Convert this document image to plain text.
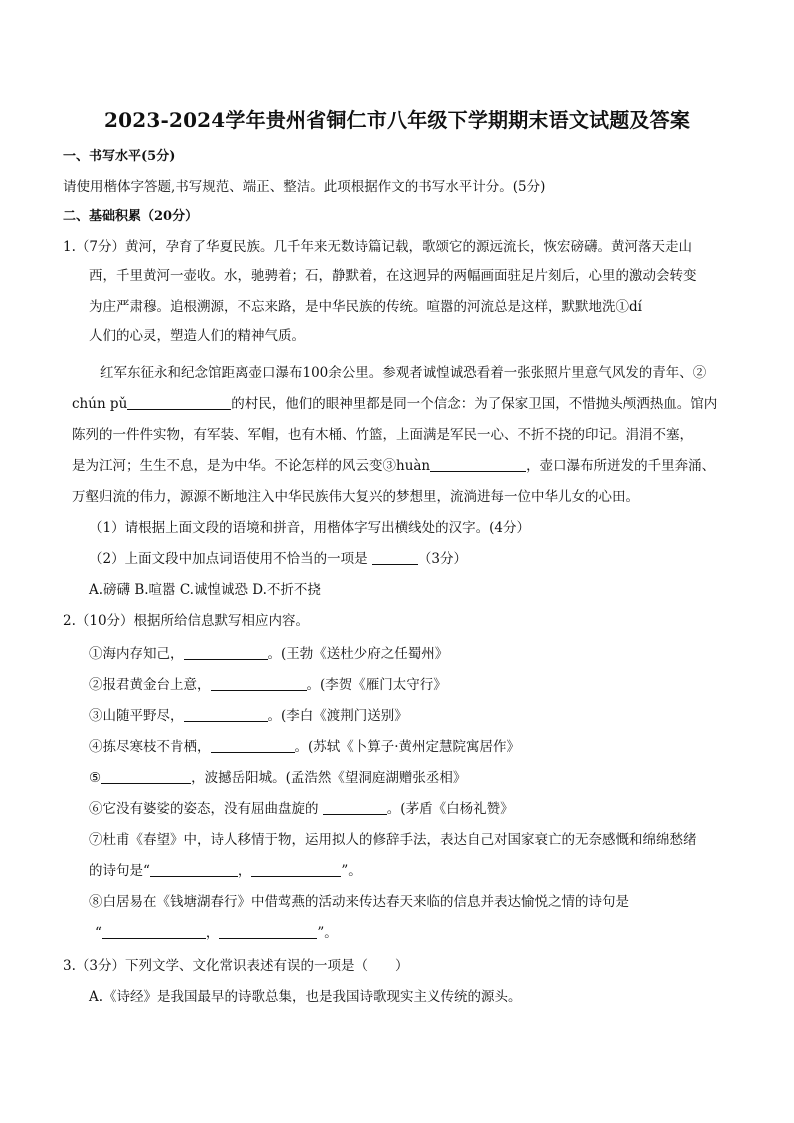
2023-2024学年贵州省铜仁市八年级下学期期末语文试题及答案
一、书写水平(5分)
请使用楷体字答题,书写规范、端正、整洁。此项根据作文的书写水平计分。(5分)
二、基础积累（20分）
1.（7分）黄河，孕育了华夏民族。几千年来无数诗篇记载，歌颂它的源远流长，恢宏磅礴。黄河落天走山
西，千里黄河一壶收。水，驰骋着；石，静默着，在这迥异的两幅画面驻足片刻后，心里的激动会转变
为庄严肃穆。追根溯源，不忘来路，是中华民族的传统。喧嚣的河流总是这样，默默地洗①dí
人们的心灵，塑造人们的精神气质。
红军东征永和纪念馆距离壶口瀑布100余公里。参观者诚惶诚恐看着一张张照片里意气风发的青年、②
chún pǔ	的村民，他们的眼神里都是同一个信念：为了保家卫国，不惜抛头颅洒热血。馆内
陈列的一件件实物，有军装、军帽，也有木桶、竹篮，上面满是军民一心、不折不挠的印记。涓涓不塞，
是为江河；生生不息，是为中华。不论怎样的风云变③huàn	，壶口瀑布所迸发的千里奔涌、
万壑归流的伟力，源源不断地注入中华民族伟大复兴的梦想里，流淌进每一位中华儿女的心田。
（1）请根据上面文段的语境和拼音，用楷体字写出横线处的汉字。(4分）
（2）上面文段中加点词语使用不恰当的一项是	（3分）
A.磅礴 B.喧嚣 C.诚惶诚恐 D.不折不挠
2.（10分）根据所给信息默写相应内容。
①海内存知己，	。(王勃《送杜少府之任蜀州》
②报君黄金台上意，	。(李贺《雁门太守行》
③山随平野尽，	。(李白《渡荆门送别》
④拣尽寒枝不肯栖，	。(苏轼《卜算子·黄州定慧院寓居作》
⑤	，波撼岳阳城。(孟浩然《望洞庭湖赠张丞相》
⑥它没有婆娑的姿态，没有屈曲盘旋的	。(茅盾《白杨礼赞》
⑦杜甫《春望》中，诗人移情于物，运用拟人的修辞手法，表达自己对国家衰亡的无奈感慨和绵绵愁绪
的诗句是“	，	”。
⑧白居易在《钱塘湖春行》中借莺燕的活动来传达春天来临的信息并表达愉悦之情的诗句是
“	，	”。
3.（3分）下列文学、文化常识表述有误的一项是（　　）
A.《诗经》是我国最早的诗歌总集，也是我国诗歌现实主义传统的源头。
